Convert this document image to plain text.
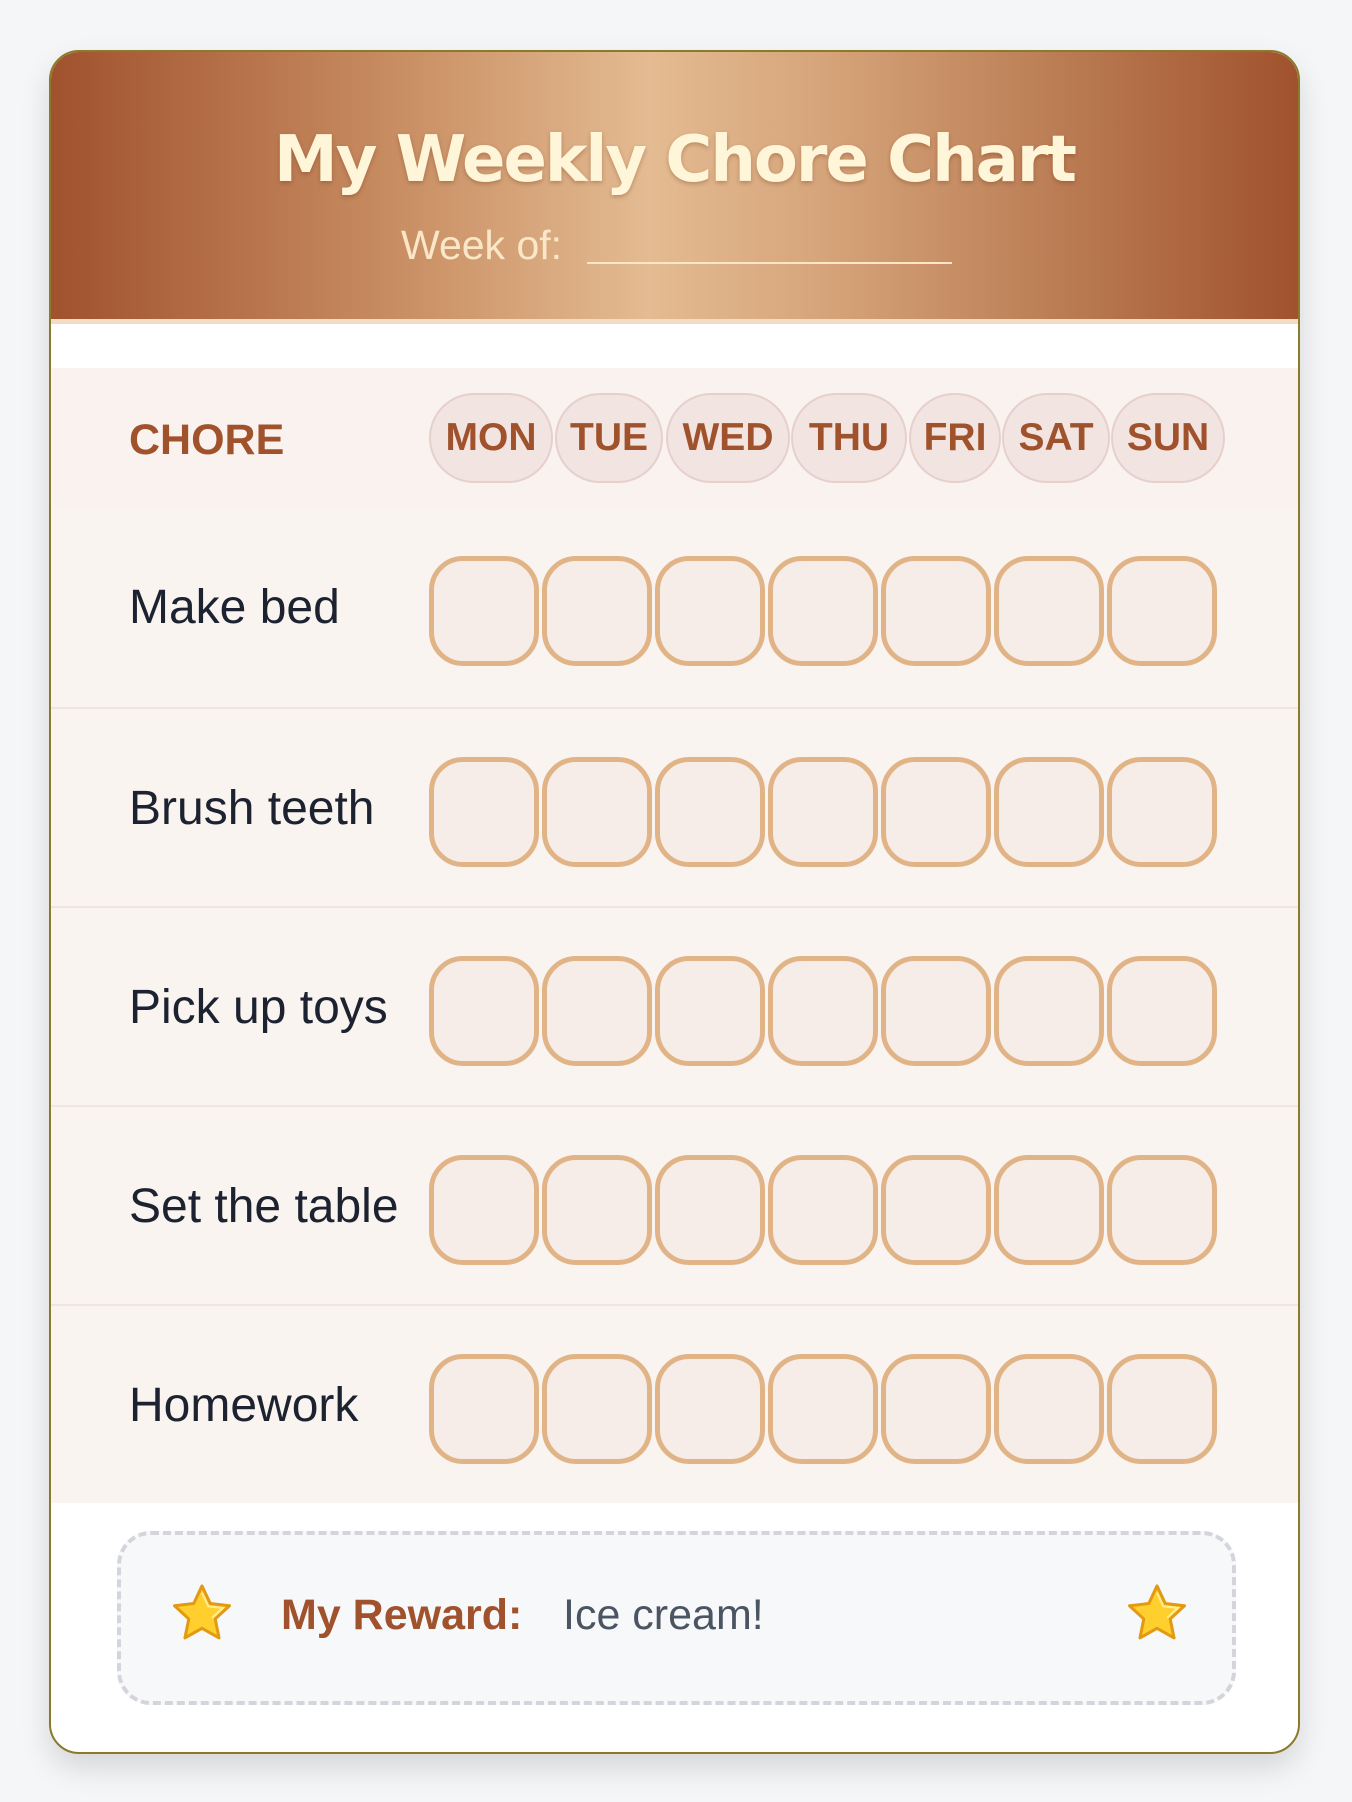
My Weekly Chore Chart
Week of:
CHORE	MON TUE WED THU FRI SAT SUN
Make bed
Brush teeth
Pick up toys
Set the table
Homework
My Reward: Ice cream!
